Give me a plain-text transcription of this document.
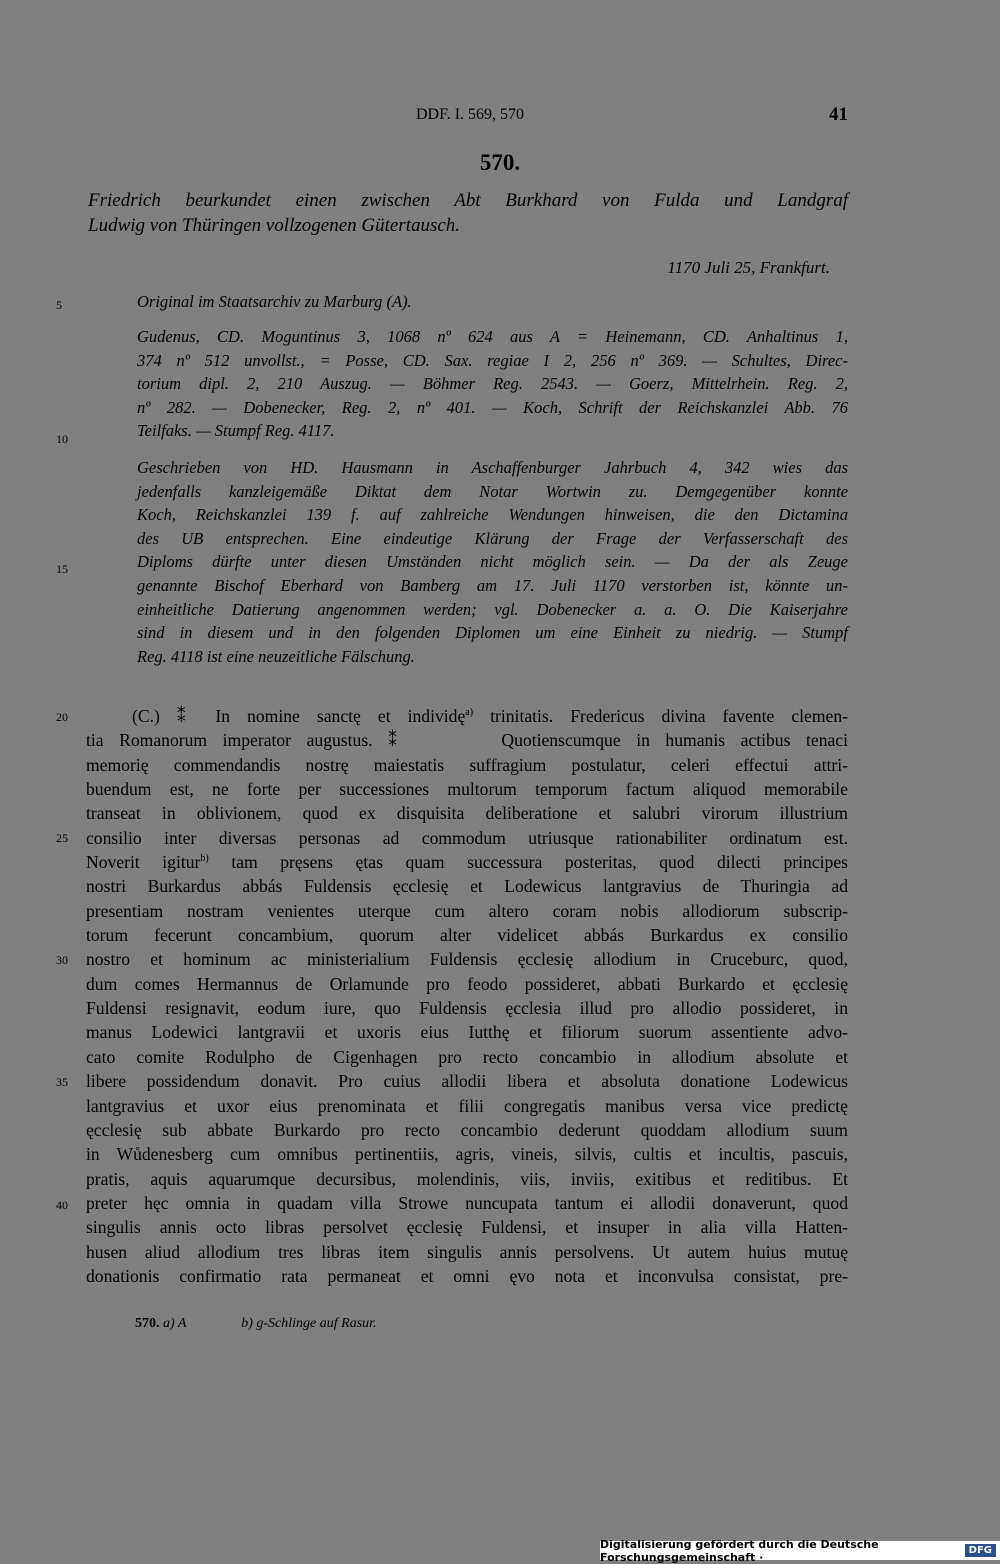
DDF. I. 569, 570	41
570.
Friedrich beurkundet einen zwischen Abt Burkhard von Fulda und Landgraf
Ludwig von Thüringen vollzogenen Gütertausch.
1170 Juli 25, Frankfurt.
Original im Staatsarchiv zu Marburg (A).
Gudenus, CD. Moguntinus 3, 1068 nº 624 aus A = Heinemann, CD. Anhaltinus 1,
374 nº 512 unvollst., = Posse, CD. Sax. regiae I 2, 256 nº 369. — Schultes, Direc-
torium dipl. 2, 210 Auszug. — Böhmer Reg. 2543. — Goerz, Mittelrhein. Reg. 2,
nº 282. — Dobenecker, Reg. 2, nº 401. — Koch, Schrift der Reichskanzlei Abb. 76
Teilfaks. — Stumpf Reg. 4117.
Geschrieben von HD. Hausmann in Aschaffenburger Jahrbuch 4, 342 wies das
jedenfalls kanzleigemäße Diktat dem Notar Wortwin zu. Demgegenüber konnte
Koch, Reichskanzlei 139 f. auf zahlreiche Wendungen hinweisen, die den Dictamina
des UB entsprechen. Eine eindeutige Klärung der Frage der Verfasserschaft des
Diploms dürfte unter diesen Umständen nicht möglich sein. — Da der als Zeuge
genannte Bischof Eberhard von Bamberg am 17. Juli 1170 verstorben ist, könnte un-
einheitliche Datierung angenommen werden; vgl. Dobenecker a. a. O. Die Kaiserjahre
sind in diesem und in den folgenden Diplomen um eine Einheit zu niedrig. — Stumpf
Reg. 4118 ist eine neuzeitliche Fälschung.
(C.) ⁑ In nomine sanctę et individę$^{a)}$ trinitatis. Fredericus divina favente clemen-
tia Romanorum imperator augustus. ⁑      Quotienscumque in humanis actibus tenaci
memorię commendandis nostrę maiestatis suffragium postulatur, celeri effectui attri-
buendum est, ne forte per successiones multorum temporum factum aliquod memorabile
transeat in oblivionem, quod ex disquisita deliberatione et salubri virorum illustrium
consilio inter diversas personas ad commodum utriusque rationabiliter ordinatum est.
Noverit igitur$^{b)}$ tam pręsens ętas quam successura posteritas, quod dilecti principes
nostri Burkardus abbás Fuldensis ęcclesię et Lodewicus lantgravius de Thuringia ad
presentiam nostram venientes uterque cum altero coram nobis allodiorum subscrip-
torum fecerunt concambium, quorum alter videlicet abbás Burkardus ex consilio
nostro et hominum ac ministerialium Fuldensis ęcclesię allodium in Cruceburc, quod,
dum comes Hermannus de Orlamunde pro feodo possideret, abbati Burkardo et ęcclesię
Fuldensi resignavit, eodum iure, quo Fuldensis ęcclesia illud pro allodio possideret, in
manus Lodewici lantgravii et uxoris eius Iutthę et filiorum suorum assentiente advo-
cato comite Rodulpho de Cigenhagen pro recto concambio in allodium absolute et
libere possidendum donavit. Pro cuius allodii libera et absoluta donatione Lodewicus
lantgravius et uxor eius prenominata et filii congregatis manibus versa vice predictę
ęcclesię sub abbate Burkardo pro recto concambio dederunt quoddam allodium suum
in Wůdenesberg cum omnibus pertinentiis, agris, vineis, silvis, cultis et incultis, pascuis,
pratis, aquis aquarumque decursibus, molendinis, viis, inviis, exitibus et reditibus. Et
preter hęc omnia in quadam villa Strowe nuncupata tantum ei allodii donaverunt, quod
singulis annis octo libras persolvet ęcclesię Fuldensi, et insuper in alia villa Hatten-
husen aliud allodium tres libras item singulis annis persolvens. Ut autem huius mutuę
donationis confirmatio rata permaneat et omni ęvo nota et inconvulsa consistat, pre-
5
10
15
20
25
30
35
40
570. a) A	b) g-Schlinge auf Rasur.
Digitalisierung gefördert durch die Deutsche Forschungsgemeinschaft ·	DFG
